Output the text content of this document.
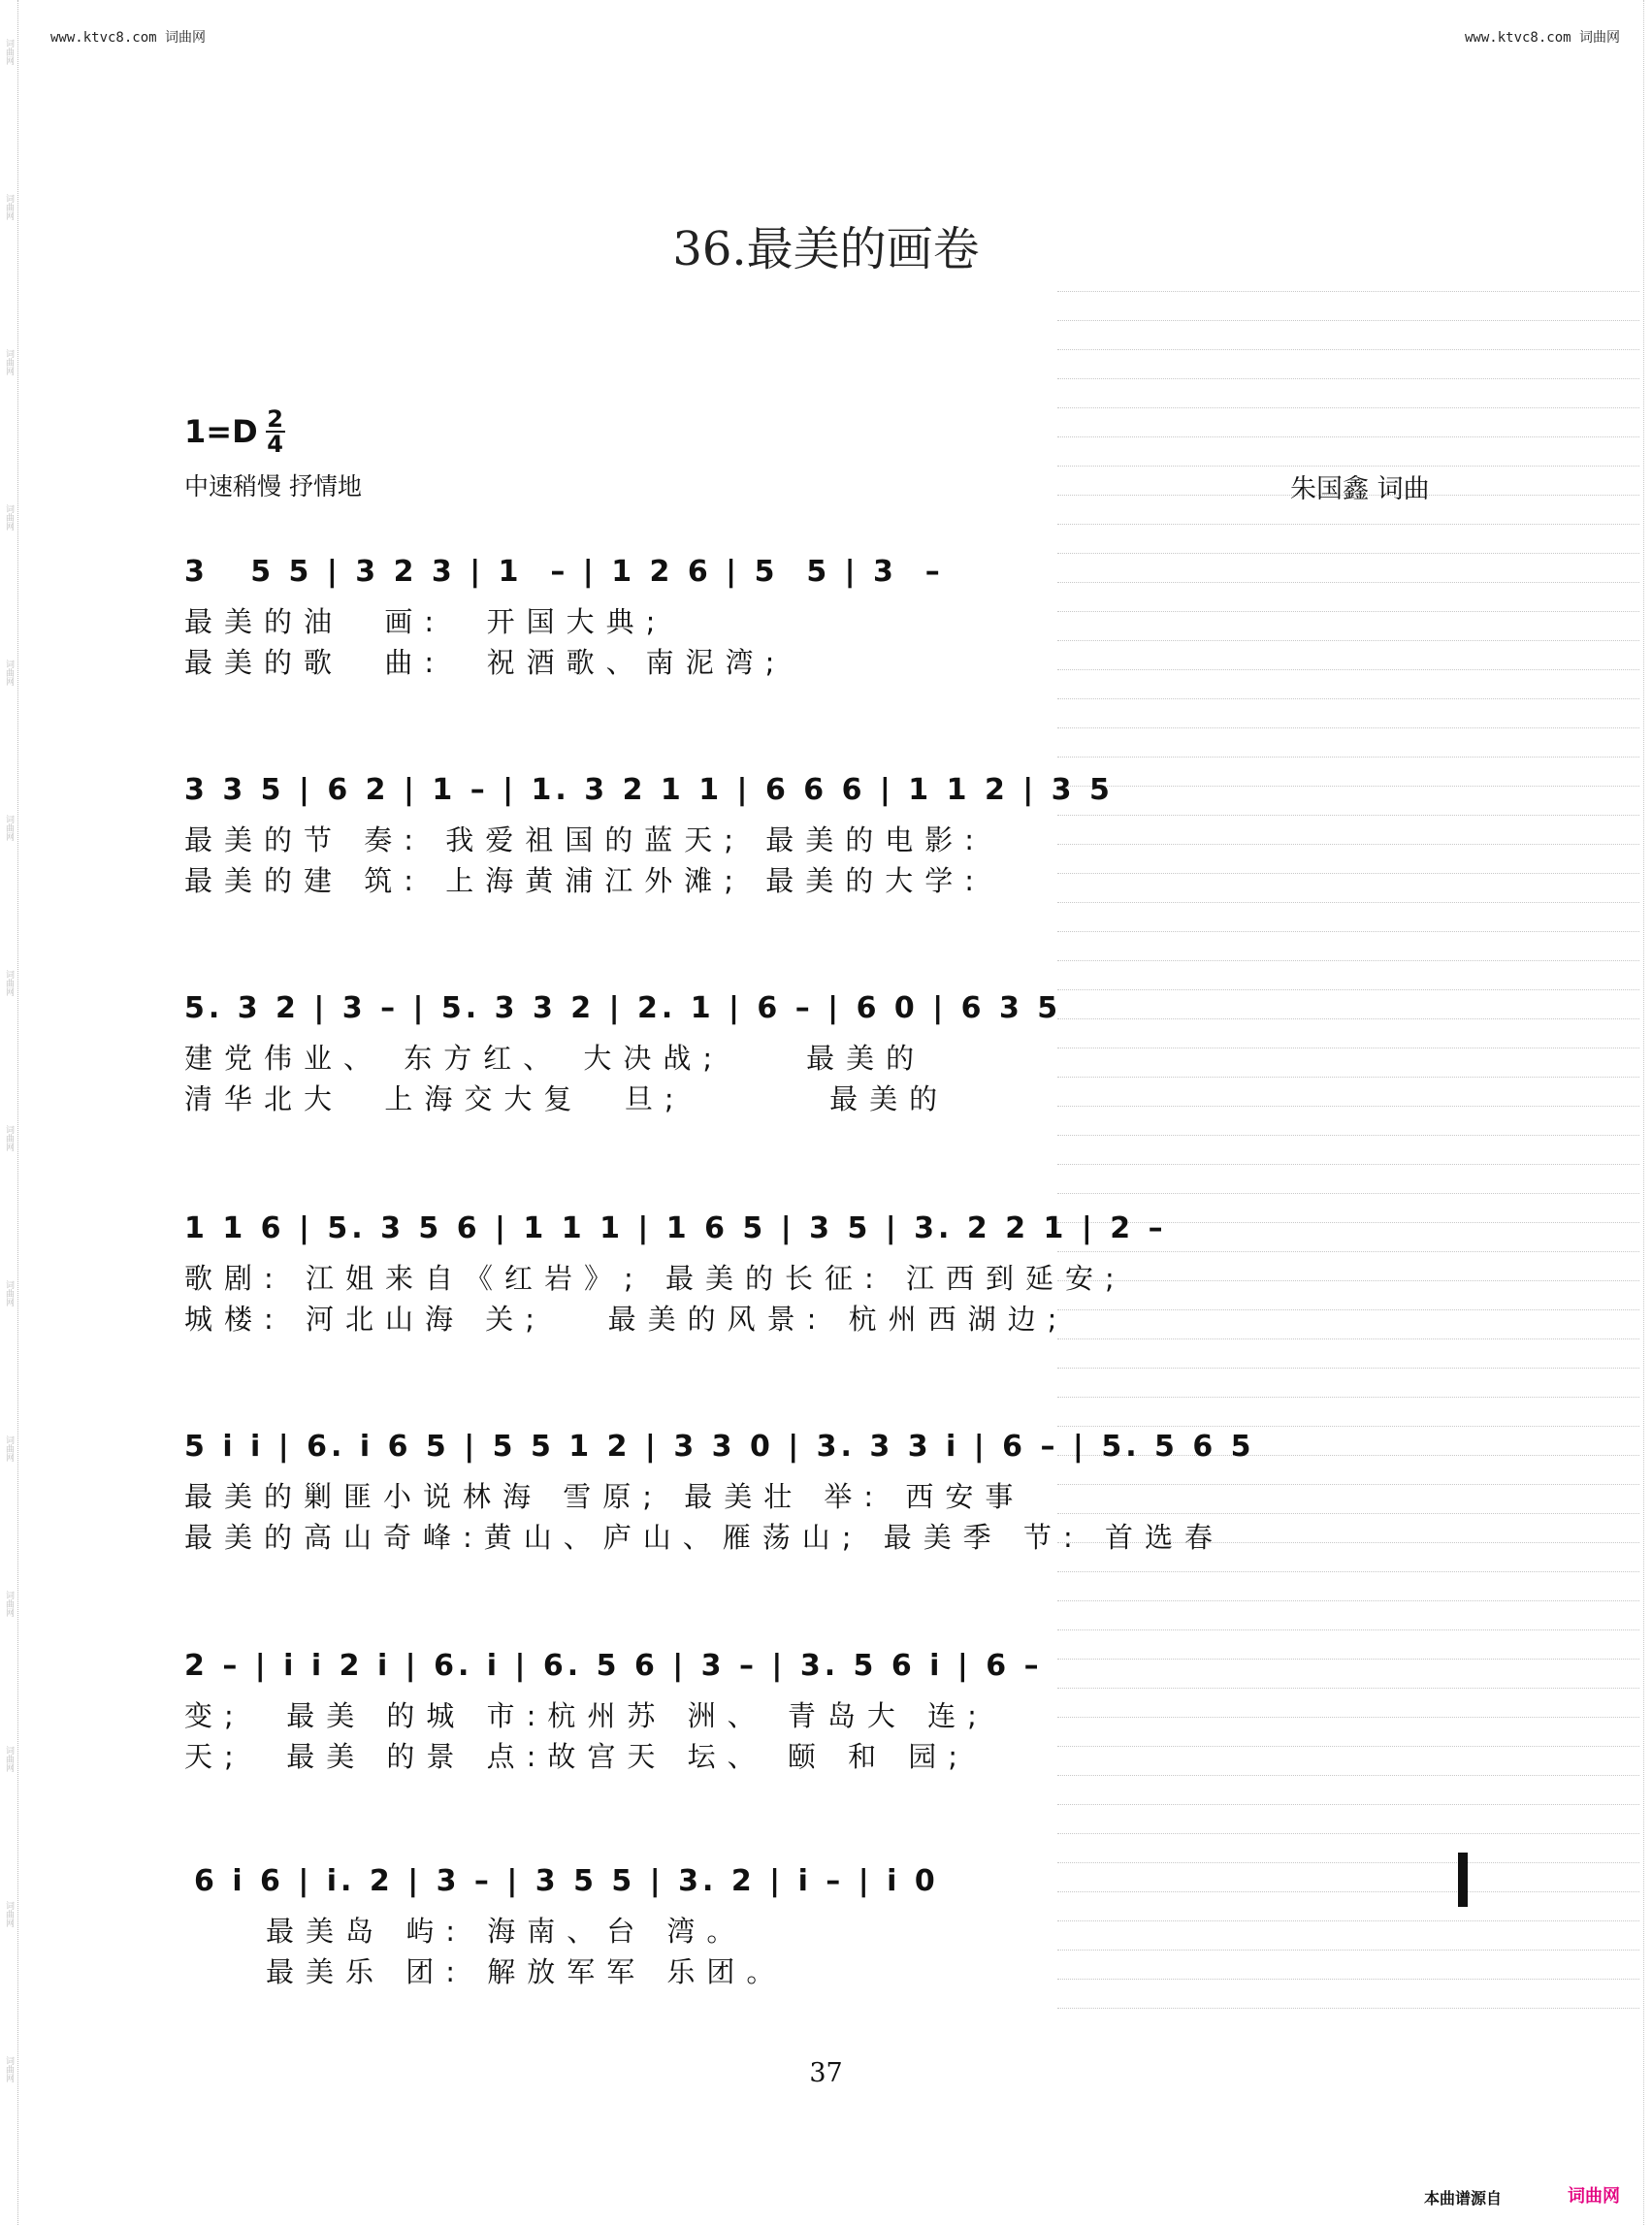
词曲网
词曲网
词曲网
词曲网
词曲网
词曲网
词曲网
词曲网
词曲网
词曲网
词曲网
词曲网
词曲网
词曲网
www.ktvc8.com 词曲网	www.ktvc8.com 词曲网
36.最美的画卷
1=D 2
4
中速稍慢 抒情地	朱国鑫 词曲
3   5 5 | 3 2 3 | 1  – | 1 2 6 | 5  5 | 3  –
最美的油  画:  开国大典;
最美的歌  曲:  祝酒歌、南泥湾;
3 3 5 | 6 2 | 1 – | 1. 3 2 1 1 | 6 6 6 | 1 1 2 | 3 5
最美的节 奏: 我爱祖国的蓝天; 最美的电影:
最美的建 筑: 上海黄浦江外滩; 最美的大学:
5. 3 2 | 3 – | 5. 3 3 2 | 2. 1 | 6 – | 6 0 | 6 3 5
建党伟业、 东方红、 大决战;    最美的
清华北大  上海交大复  旦;       最美的
1 1 6 | 5. 3 5 6 | 1 1 1 | 1 6 5 | 3 5 | 3. 2 2 1 | 2 –
歌剧: 江姐来自《红岩》; 最美的长征: 江西到延安;
城楼: 河北山海 关;   最美的风景: 杭州西湖边;
5 i i | 6. i 6 5 | 5 5 1 2 | 3 3 0 | 3. 3 3 i | 6 – | 5. 5 6 5
最美的剿匪小说林海 雪原; 最美壮 举: 西安事
最美的高山奇峰:黄山、庐山、雁荡山; 最美季 节: 首选春
2 – | i i 2 i | 6. i | 6. 5 6 | 3 – | 3. 5 6 i | 6 –
变;  最美 的城 市:杭州苏 洲、 青岛大 连;
天;  最美 的景 点:故宫天 坛、 颐 和 园;
6 i 6 | i. 2 | 3 – | 3 5 5 | 3. 2 | i – | i 0
最美岛 屿: 海南、台 湾。
最美乐 团: 解放军军 乐团。
37
本曲谱源自	词曲网
